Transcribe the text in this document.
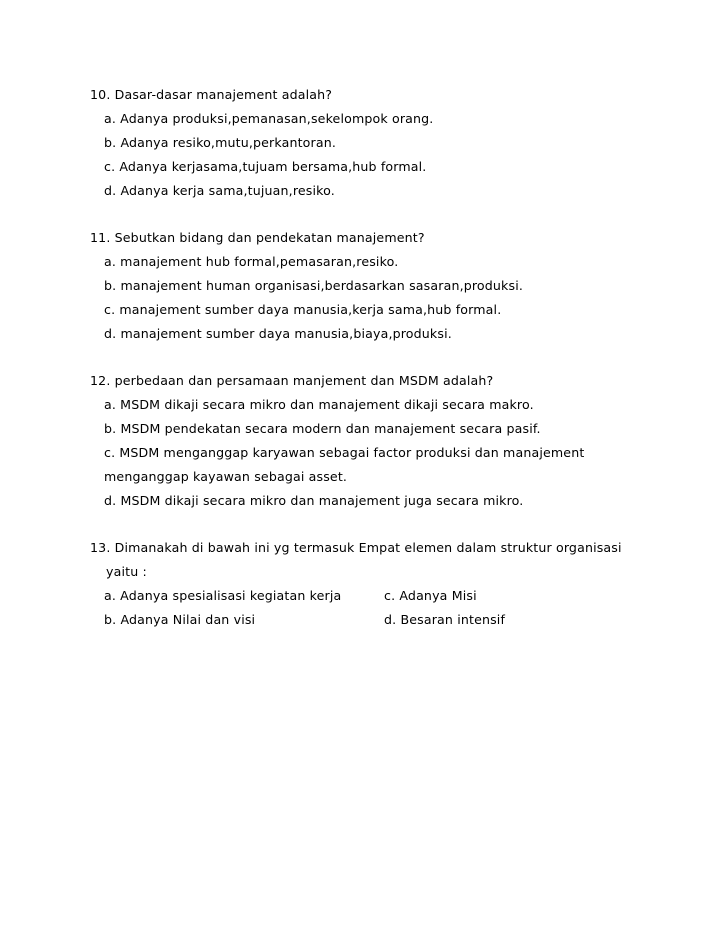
10. Dasar-dasar manajement adalah?
a. Adanya produksi,pemanasan,sekelompok orang.
b. Adanya resiko,mutu,perkantoran.
c. Adanya kerjasama,tujuam bersama,hub formal.
d. Adanya kerja sama,tujuan,resiko.
11. Sebutkan bidang dan pendekatan manajement?
a. manajement hub formal,pemasaran,resiko.
b. manajement human organisasi,berdasarkan sasaran,produksi.
c. manajement sumber daya manusia,kerja sama,hub formal.
d. manajement sumber daya manusia,biaya,produksi.
12. perbedaan dan persamaan manjement dan MSDM adalah?
a. MSDM dikaji secara mikro dan manajement dikaji secara makro.
b. MSDM pendekatan secara modern dan manajement secara pasif.
c. MSDM menganggap karyawan sebagai factor produksi dan manajement menganggap kayawan sebagai asset.
d. MSDM dikaji secara mikro dan manajement juga secara mikro.
13. Dimanakah di bawah ini yg termasuk Empat elemen dalam struktur organisasi
yaitu :
a. Adanya spesialisasi kegiatan kerja	c. Adanya Misi
b. Adanya Nilai dan visi	d. Besaran intensif
